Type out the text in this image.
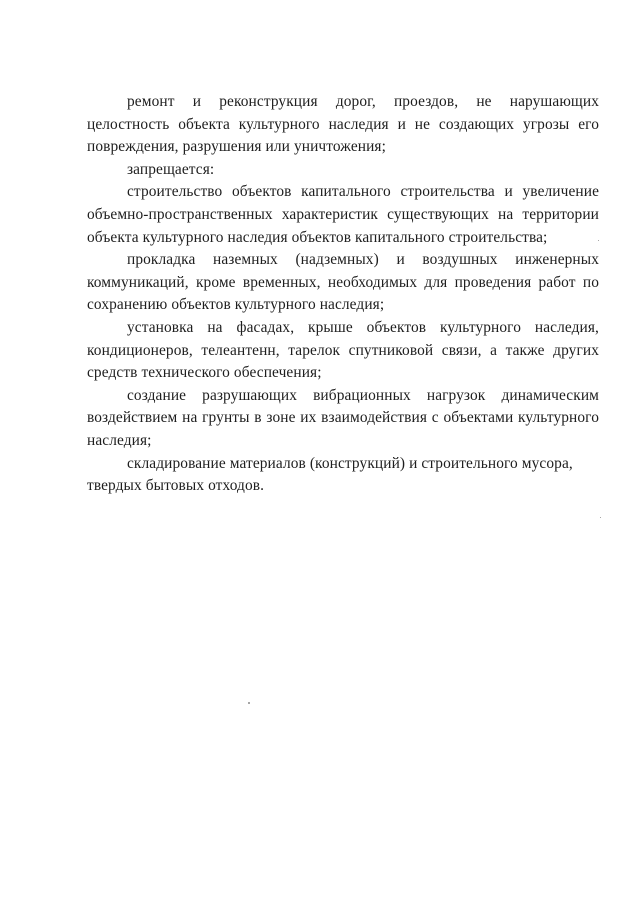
ремонт и реконструкция дорог, проездов, не нарушающих целостность объекта культурного наследия и не создающих угрозы его повреждения, разрушения или уничтожения;

запрещается:

строительство объектов капитального строительства и увеличение объемно-пространственных характеристик существующих на территории объекта культурного наследия объектов капитального строительства;

прокладка наземных (надземных) и воздушных инженерных коммуникаций, кроме временных, необходимых для проведения работ по сохранению объектов культурного наследия;

установка на фасадах, крыше объектов культурного наследия, кондиционеров, телеантенн, тарелок спутниковой связи, а также других средств технического обеспечения;

создание разрушающих вибрационных нагрузок динамическим воздействием на грунты в зоне их взаимодействия с объектами культурного наследия;

складирование материалов (конструкций) и строительного мусора, твердых бытовых отходов.
